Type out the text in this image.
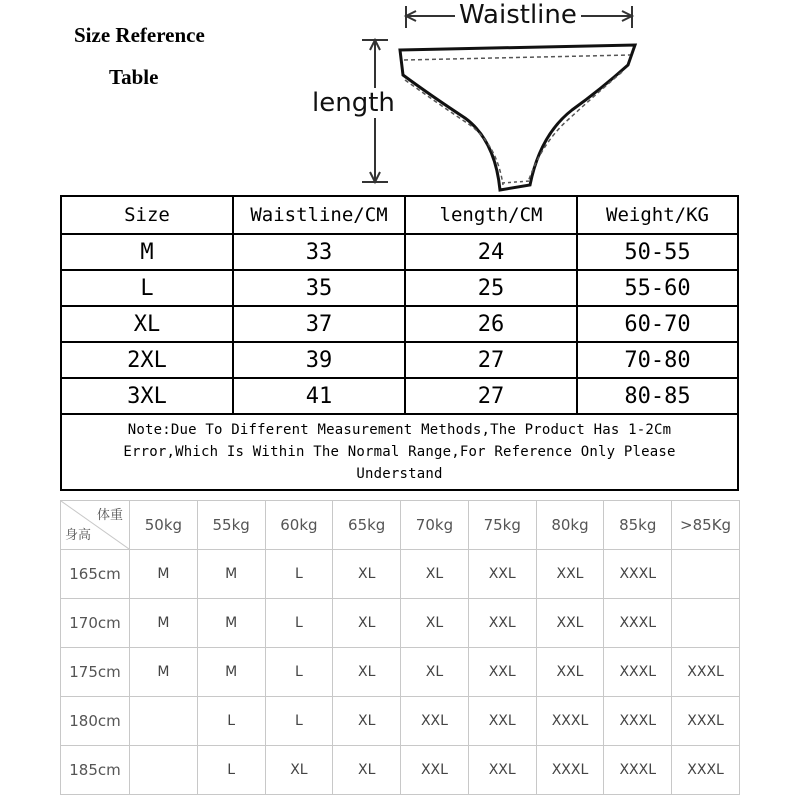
Size Reference
Table
Waistline
length
Size	Waistline/CM	length/CM	Weight/KG
M	33	24	50-55
L	35	25	55-60
XL	37	26	60-70
2XL	39	27	70-80
3XL	41	27	80-85
Note:Due To Different Measurement Methods,The Product Has 1-2Cm Error,Which Is Within The Normal Range,For Reference Only Please Understand			
体重
身高	50kg	55kg	60kg	65kg	70kg	75kg	80kg	85kg	>85Kg
165cm	M	M	L	XL	XL	XXL	XXL	XXXL	
170cm	M	M	L	XL	XL	XXL	XXL	XXXL	
175cm	M	M	L	XL	XL	XXL	XXL	XXXL	XXXL
180cm		L	L	XL	XXL	XXL	XXXL	XXXL	XXXL
185cm		L	XL	XL	XXL	XXL	XXXL	XXXL	XXXL
